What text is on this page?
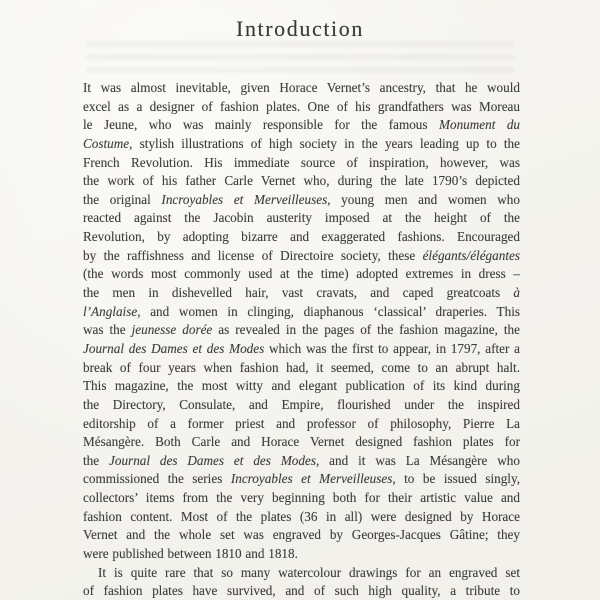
Introduction
It was almost inevitable, given Horace Vernet’s ancestry, that he would
excel as a designer of fashion plates. One of his grandfathers was Moreau
le Jeune, who was mainly responsible for the famous Monument du
Costume, stylish illustrations of high society in the years leading up to the
French Revolution. His immediate source of inspiration, however, was
the work of his father Carle Vernet who, during the late 1790’s depicted
the original Incroyables et Merveilleuses, young men and women who
reacted against the Jacobin austerity imposed at the height of the
Revolution, by adopting bizarre and exaggerated fashions. Encouraged
by the raffishness and license of Directoire society, these élégants/élégantes
(the words most commonly used at the time) adopted extremes in dress –
the men in dishevelled hair, vast cravats, and caped greatcoats à
l’Anglaise, and women in clinging, diaphanous ‘classical’ draperies. This
was the jeunesse dorée as revealed in the pages of the fashion magazine, the
Journal des Dames et des Modes which was the first to appear, in 1797, after a
break of four years when fashion had, it seemed, come to an abrupt halt.
This magazine, the most witty and elegant publication of its kind during
the Directory, Consulate, and Empire, flourished under the inspired
editorship of a former priest and professor of philosophy, Pierre La
Mésangère. Both Carle and Horace Vernet designed fashion plates for
the Journal des Dames et des Modes, and it was La Mésangère who
commissioned the series Incroyables et Merveilleuses, to be issued singly,
collectors’ items from the very beginning both for their artistic value and
fashion content. Most of the plates (36 in all) were designed by Horace
Vernet and the whole set was engraved by Georges-Jacques Gâtine; they
were published between 1810 and 1818.
It is quite rare that so many watercolour drawings for an engraved set
of fashion plates have survived, and of such high quality, a tribute to
